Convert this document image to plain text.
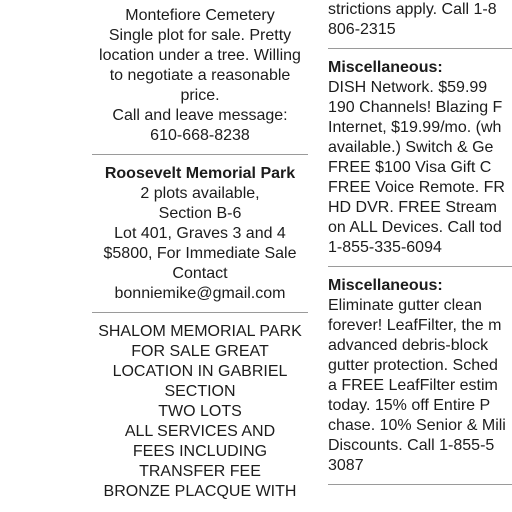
Montefiore Cemetery
Single plot for sale. Pretty
location under a tree. Willing
to negotiate a reasonable
price.
Call and leave message:
610-668-8238
Roosevelt Memorial Park
2 plots available,
Section B-6
Lot 401, Graves 3 and 4
$5800, For Immediate Sale
Contact
bonniemike@gmail.com
SHALOM MEMORIAL PARK
FOR SALE GREAT
LOCATION IN GABRIEL
SECTION
TWO LOTS
ALL SERVICES AND
FEES INCLUDING
TRANSFER FEE
BRONZE PLACQUE WITH
strictions apply. Call 1-8
806-2315
Miscellaneous:
DISH Network. $59.99
190 Channels! Blazing F
Internet, $19.99/mo. (wh
available.) Switch & Ge
FREE $100 Visa Gift C
FREE Voice Remote. FR
HD DVR. FREE Stream
on ALL Devices. Call tod
1-855-335-6094
Miscellaneous:
Eliminate gutter clean
forever! LeafFilter, the m
advanced debris-block
gutter protection. Sched
a FREE LeafFilter estim
today. 15% off Entire P
chase. 10% Senior & Mili
Discounts. Call 1-855-5
3087
